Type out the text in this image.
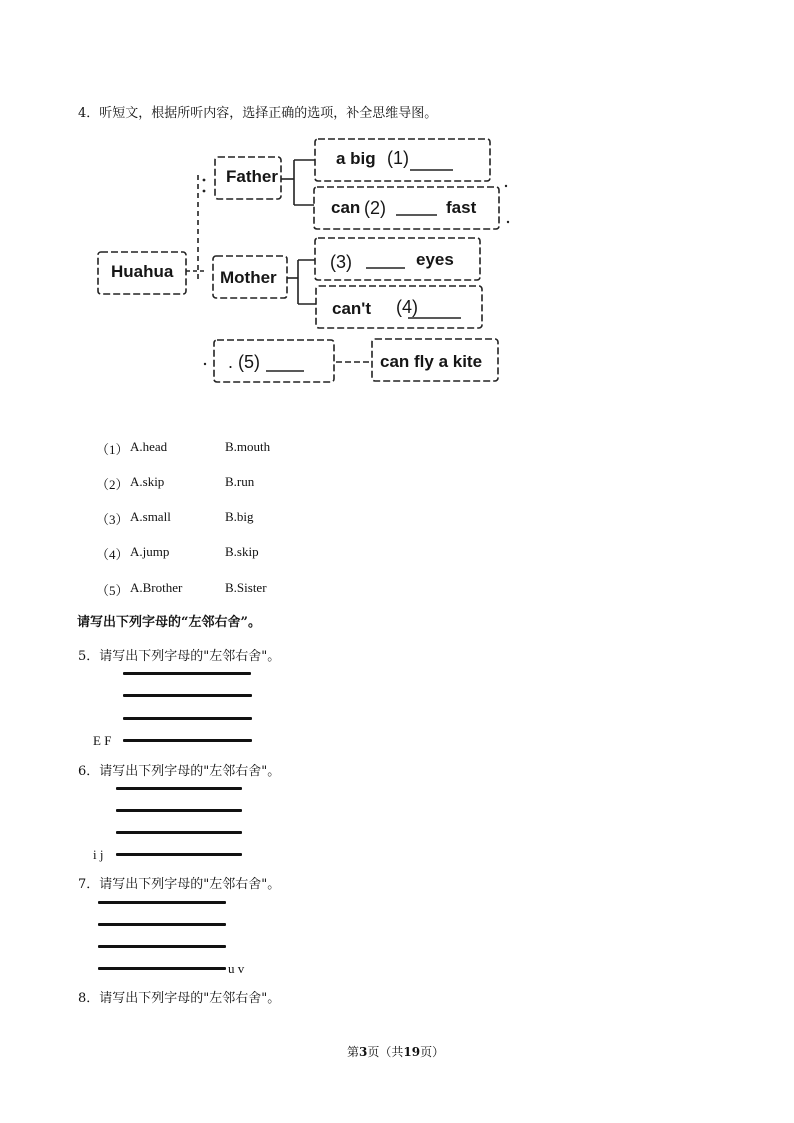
4．听短文，根据所听内容，选择正确的选项，补全思维导图。
Huahua
Father
Mother
a big (1)
can (2)	fast
(3)	eyes
can't (4)
. (5)	can fly a kite
（1） A.head	B.mouth
（2） A.skip	B.run
（3） A.small	B.big
（4） A.jump	B.skip
（5） A.Brother	B.Sister
请写出下列字母的“左邻右舍”。
5．请写出下列字母的"左邻右舍"。
E F
6．请写出下列字母的"左邻右舍"。
i j
7．请写出下列字母的"左邻右舍"。
u v
8．请写出下列字母的"左邻右舍"。
第3页（共19页）
